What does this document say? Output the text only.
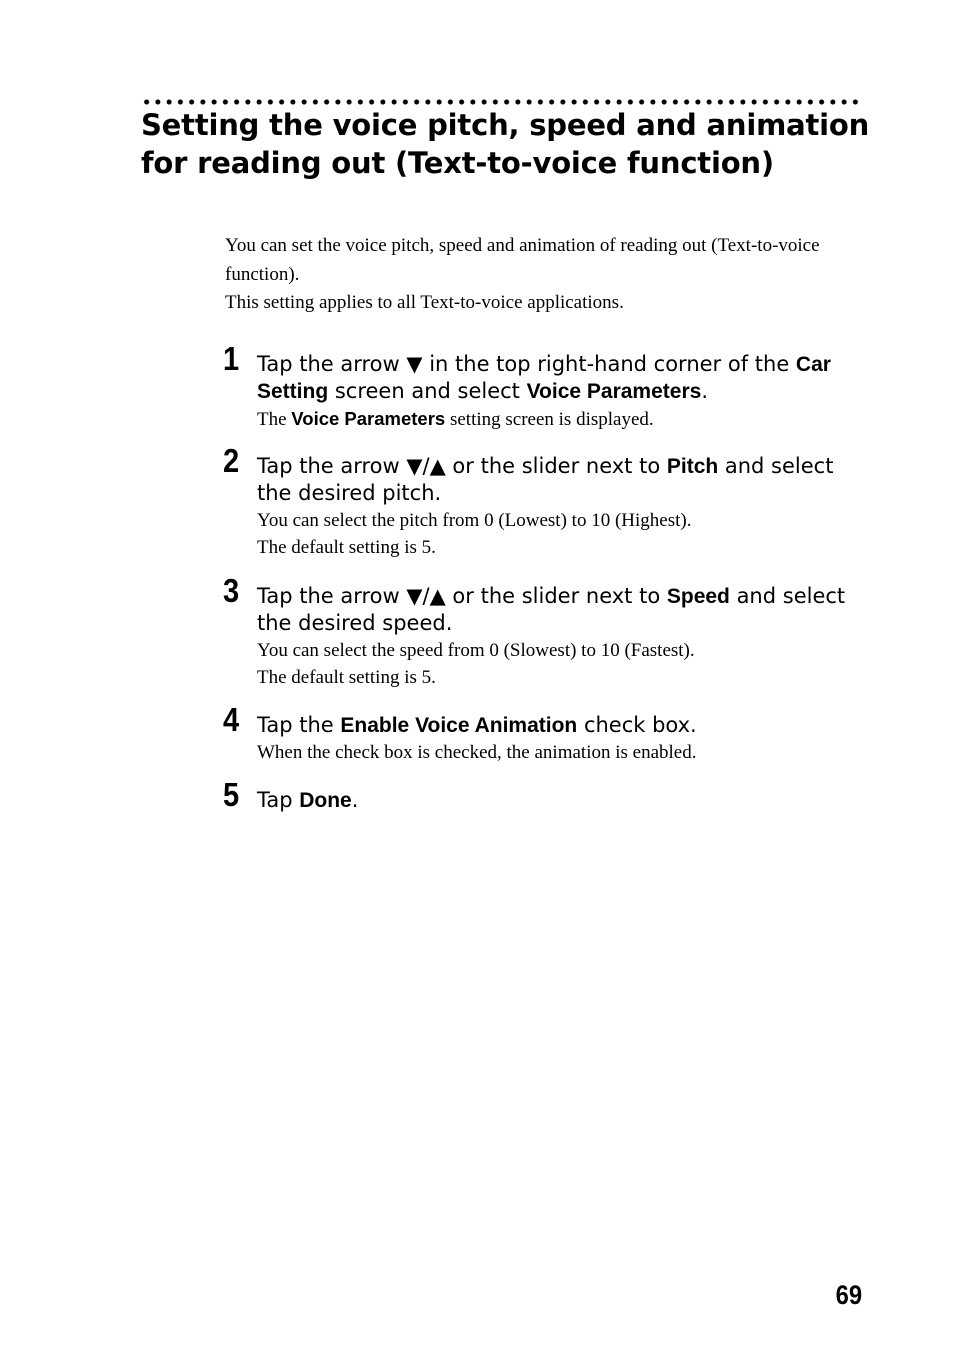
Setting the voice pitch, speed and animation for reading out (Text-to-voice function)

You can set the voice pitch, speed and animation of reading out (Text-to-voice function).

This setting applies to all Text-to-voice applications.

1 Tap the arrow ▼ in the top right-hand corner of the Car Setting screen and select Voice Parameters.

The Voice Parameters setting screen is displayed.

2 Tap the arrow ▼/▲ or the slider next to Pitch and select the desired pitch.

You can select the pitch from 0 (Lowest) to 10 (Highest).

The default setting is 5.

3 Tap the arrow ▼/▲ or the slider next to Speed and select the desired speed.

You can select the speed from 0 (Slowest) to 10 (Fastest).

The default setting is 5.

4 Tap the Enable Voice Animation check box.

When the check box is checked, the animation is enabled.

5 Tap Done.

69
